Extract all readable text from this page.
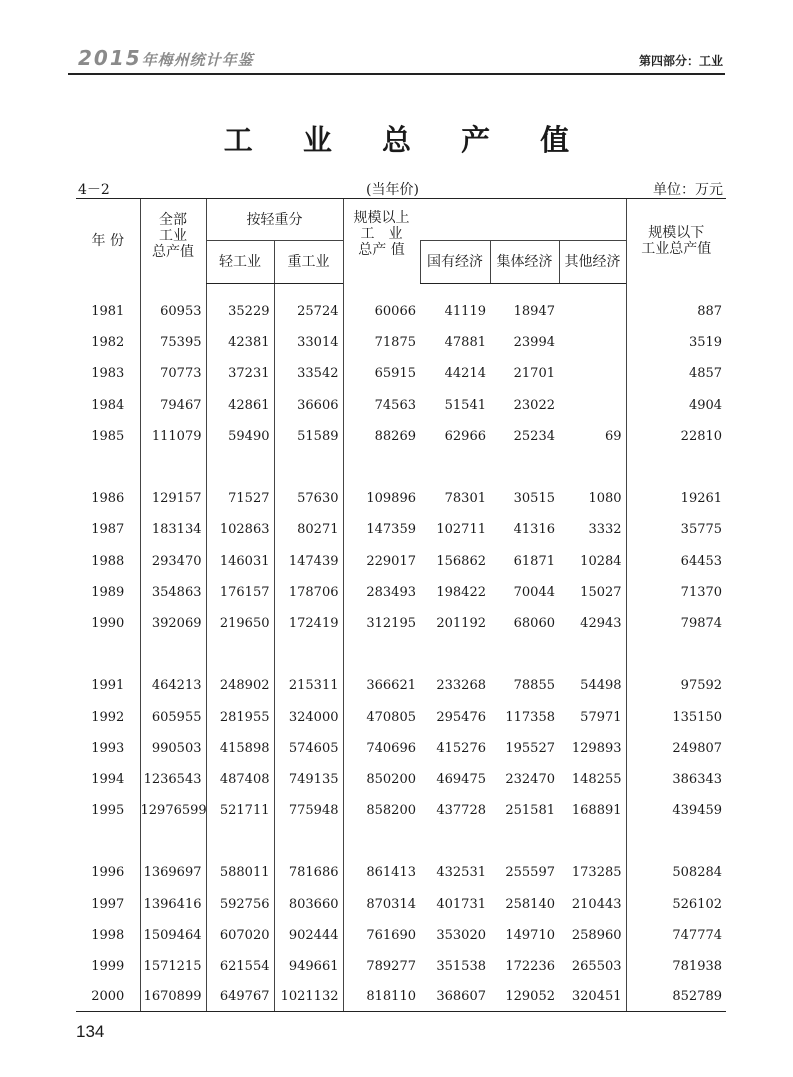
2015年梅州统计年鉴	第四部分：工业
工 业 总 产 值
4－2	(当年价)	单位：万元
年 份	全部
工业
总产值	按轻重分		规模以上
工　业
总产 值				规模以下
工业总产值
		轻工业	重工业		国有经济	集体经济	其他经济	
1981	60953	35229	25724	60066	41119	18947		887
1982	75395	42381	33014	71875	47881	23994		3519
1983	70773	37231	33542	65915	44214	21701		4857
1984	79467	42861	36606	74563	51541	23022		4904
1985	111079	59490	51589	88269	62966	25234	69	22810

1986	129157	71527	57630	109896	78301	30515	1080	19261
1987	183134	102863	80271	147359	102711	41316	3332	35775
1988	293470	146031	147439	229017	156862	61871	10284	64453
1989	354863	176157	178706	283493	198422	70044	15027	71370
1990	392069	219650	172419	312195	201192	68060	42943	79874

1991	464213	248902	215311	366621	233268	78855	54498	97592
1992	605955	281955	324000	470805	295476	117358	57971	135150
1993	990503	415898	574605	740696	415276	195527	129893	249807
1994	1236543	487408	749135	850200	469475	232470	148255	386343
1995	12976599	521711	775948	858200	437728	251581	168891	439459

1996	1369697	588011	781686	861413	432531	255597	173285	508284
1997	1396416	592756	803660	870314	401731	258140	210443	526102
1998	1509464	607020	902444	761690	353020	149710	258960	747774
1999	1571215	621554	949661	789277	351538	172236	265503	781938
2000	1670899	649767	1021132	818110	368607	129052	320451	852789
134
